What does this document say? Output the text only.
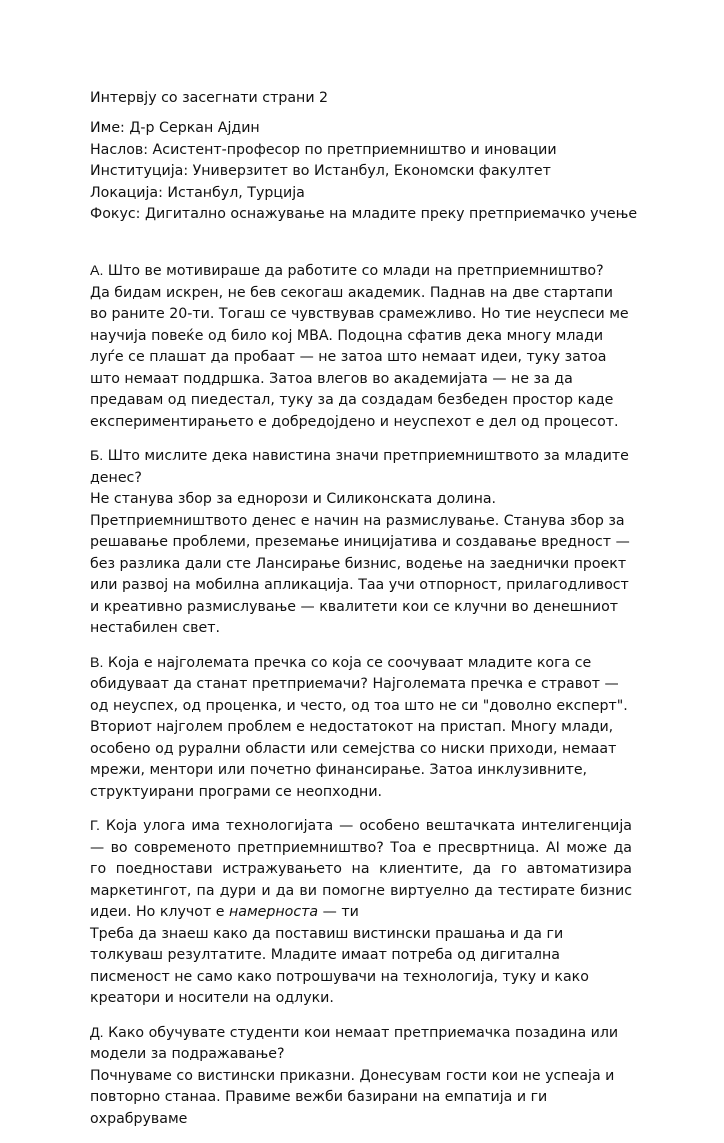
Интервју со засегнати страни 2
Име: Д-р Серкан Ајдин
Наслов: Асистент-професор по претприемништво и иновации
Институција: Универзитет во Истанбул, Економски факултет
Локација: Истанбул, Турција
Фокус: Дигитално оснажување на младите преку претприемачко учење
А. Што ве мотивираше да работите со млади на претприемништво?
Да бидам искрен, не бев секогаш академик. Паднав на две стартапи во раните 20-ти. Тогаш се чувствував срамежливо. Но тие неуспеси ме научија повеќе од било кој MBA. Подоцна сфатив дека многу млади луѓе се плашат да пробаат — не затоа што немаат идеи, туку затоа што немаат поддршка. Затоа влегов во академијата — не за да предавам од пиедестал, туку за да создадам безбеден простор каде експериментирањето е добредојдено и неуспехот е дел од процесот.
Б. Што мислите дека навистина значи претприемништвото за младите денес?
Не станува збор за еднорози и Силиконската долина. Претприемништвото денес е начин на размислување. Станува збор за решавање проблеми, преземање иницијатива и создавање вредност — без разлика дали сте Лансирање бизнис, водење на заеднички проект или развој на мобилна апликација. Таа учи отпорност, прилагодливост и креативно размислување — квалитети кои се клучни во денешниот нестабилен свет.
В. Која е најголемата пречка со која се соочуваат младите кога се обидуваат да станат претприемачи? Најголемата пречка е стравот — од неуспех, од проценка, и често, од тоа што не си "доволно експерт". Вториот најголем проблем е недостатокот на пристап. Многу млади, особено од рурални области или семејства со ниски приходи, немаат мрежи, ментори или почетно финансирање. Затоа инклузивните, структуирани програми се неопходни.
Г. Која улога има технологијата — особено вештачката интелигенција — во современото претприемништво? Тоа е пресвртница. AI може да го поедностави истражувањето на клиентите, да го автоматизира маркетингот, па дури и да ви помогне виртуелно да тестирате бизнис идеи. Но клучот е намерноста — ти
Треба да знаеш како да поставиш вистински прашања и да ги толкуваш резултатите. Младите имаат потреба од дигитална писменост не само како потрошувачи на технологија, туку и како креатори и носители на одлуки.
Д. Како обучувате студенти кои немаат претприемачка позадина или модели за подражавање?
Почнуваме со вистински приказни. Донесувам гости кои не успеаја и повторно станаа. Правиме вежби базирани на емпатија и ги охрабруваме
